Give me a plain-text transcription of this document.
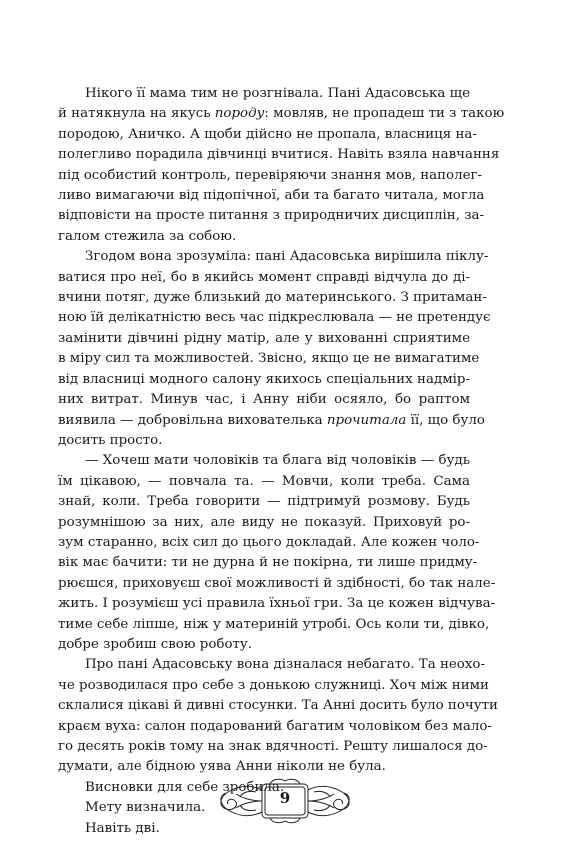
Нікого її мама тим не розгнівала. Пані Адасовська ще
й натякнула на якусь породу: мовляв, не пропадеш ти з такою
породою, Аничко. А щоби дійсно не пропала, власниця на-
полегливо порадила дівчинці вчитися. Навіть взяла навчання
під особистий контроль, перевіряючи знання мов, наполег-
ливо вимагаючи від підопічної, аби та багато читала, могла
відповісти на просте питання з природничих дисциплін, за-
галом стежила за собою.

Згодом вона зрозуміла: пані Адасовська вирішила піклу-
ватися про неї, бо в якийсь момент справді відчула до ді-
вчини потяг, дуже близький до материнського. З притаман-
ною їй делікатністю весь час підкреслювала — не претендує
замінити дівчині рідну матір, але у вихованні сприятиме
в міру сил та можливостей. Звісно, якщо це не вимагатиме
від власниці модного салону якихось спеціальних надмір-
них витрат. Минув час, і Анну ніби осяяло, бо раптом
виявила — добровільна вихователька прочитала її, що було
досить просто.

— Хочеш мати чоловіків та блага від чоловіків — будь
їм цікавою, — повчала та. — Мовчи, коли треба. Сама
знай, коли. Треба говорити — підтримуй розмову. Будь
розумнішою за них, але виду не показуй. Приховуй ро-
зум старанно, всіх сил до цього докладай. Але кожен чоло-
вік має бачити: ти не дурна й не покірна, ти лише придму-
рюєшся, приховуєш свої можливості й здібності, бо так нале-
жить. І розумієш усі правила їхньої гри. За це кожен відчува-
тиме себе ліпше, ніж у материній утробі. Ось коли ти, дівко,
добре зробиш свою роботу.

Про пані Адасовську вона дізналася небагато. Та неохо-
че розводилася про себе з донькою служниці. Хоч між ними
склалися цікаві й дивні стосунки. Та Анні досить було почути
краєм вуха: салон подарований багатим чоловіком без мало-
го десять років тому на знак вдячності. Решту лишалося до-
думати, але бідною уява Анни ніколи не була.

Висновки для себе зробила.

Мету визначила.

Навіть дві.

9
